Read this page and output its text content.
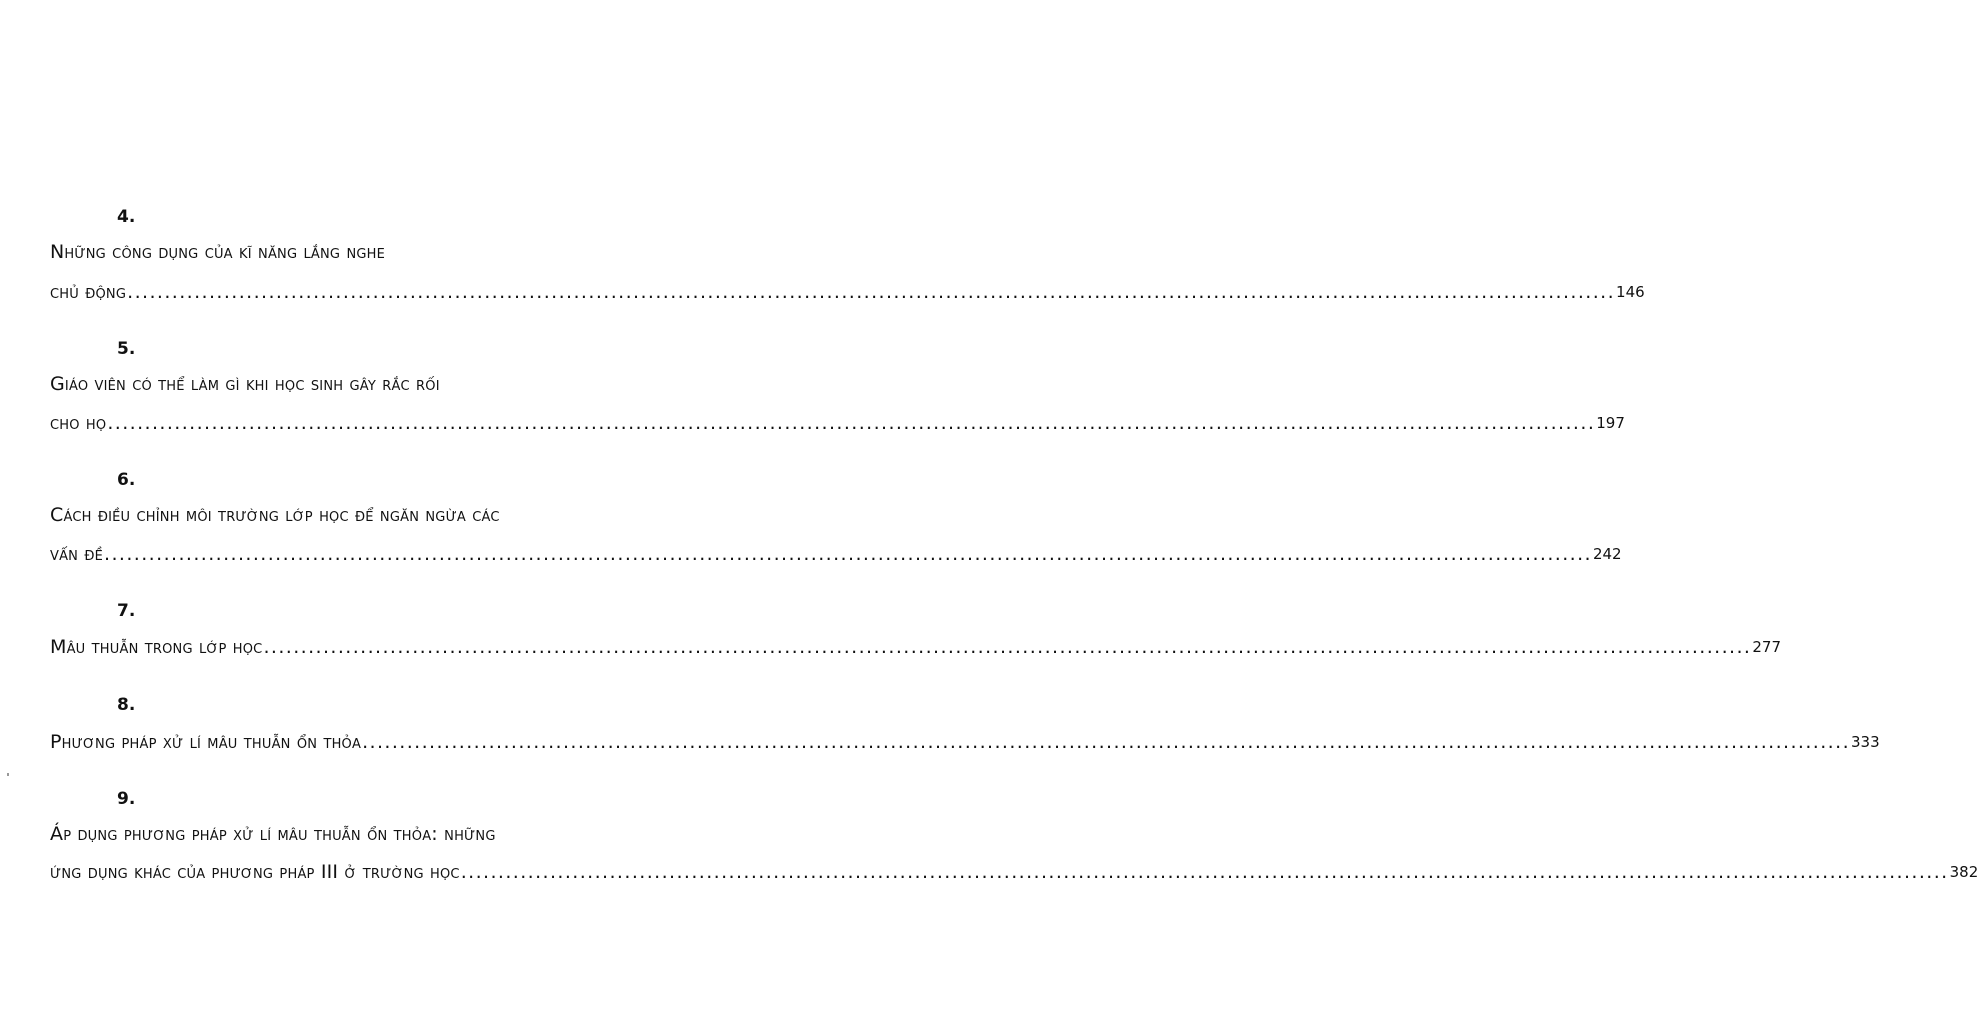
4.
Những công dụng của kĩ năng lắng nghe
chủ động ........................................................................................................................................................................................................ 146
5.
Giáo viên có thể làm gì khi học sinh gây rắc rối
cho họ ........................................................................................................................................................................................................ 197
6.
Cách điều chỉnh môi trường lớp học để ngăn ngừa các
vấn đề ........................................................................................................................................................................................................ 242
7.
Mâu thuẫn trong lớp học ........................................................................................................................................................................................................ 277
8.
Phương pháp xử lí mâu thuẫn ổn thỏa ........................................................................................................................................................................................................ 333
9.
Áp dụng phương pháp xử lí mâu thuẫn ổn thỏa: những
ứng dụng khác của phương pháp III ở trường học ........................................................................................................................................................................................................ 382
